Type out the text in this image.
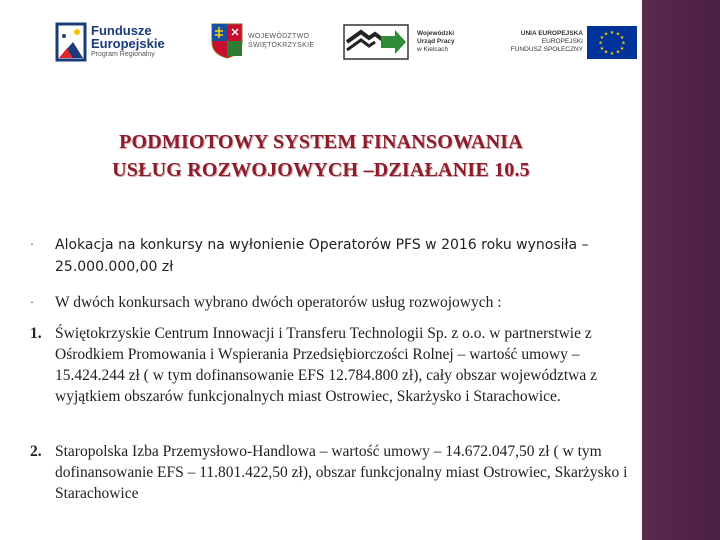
Fundusze
Europejskie
Program Regionalny
WOJEWÓDZTWO
ŚWIĘTOKRZYSKIE
Wojewódzki
Urząd Pracy
w Kielcach
UNIA EUROPEJSKA
EUROPEJSKI
FUNDUSZ SPOŁECZNY
★ ★
★
★
★
★
★
★
★
★
★
★
PODMIOTOWY SYSTEM FINANSOWANIA
USŁUG ROZWOJOWYCH –DZIAŁANIE 10.5
·	Alokacja na konkursy na wyłonienie Operatorów PFS w 2016 roku wynosiła – 25.000.000,00 zł
·	W dwóch konkursach wybrano dwóch operatorów usług rozwojowych :
1. Świętokrzyskie Centrum Innowacji i Transferu Technologii Sp. z o.o. w partnerstwie z Ośrodkiem Promowania i Wspierania Przedsiębiorczości Rolnej – wartość umowy – 15.424.244 zł ( w tym dofinansowanie EFS 12.784.800 zł), cały obszar województwa z wyjątkiem obszarów funkcjonalnych miast Ostrowiec, Skarżysko i Starachowice.
2. Staropolska Izba Przemysłowo-Handlowa – wartość umowy – 14.672.047,50 zł ( w tym dofinansowanie EFS – 11.801.422,50 zł), obszar funkcjonalny miast Ostrowiec, Skarżysko i Starachowice
